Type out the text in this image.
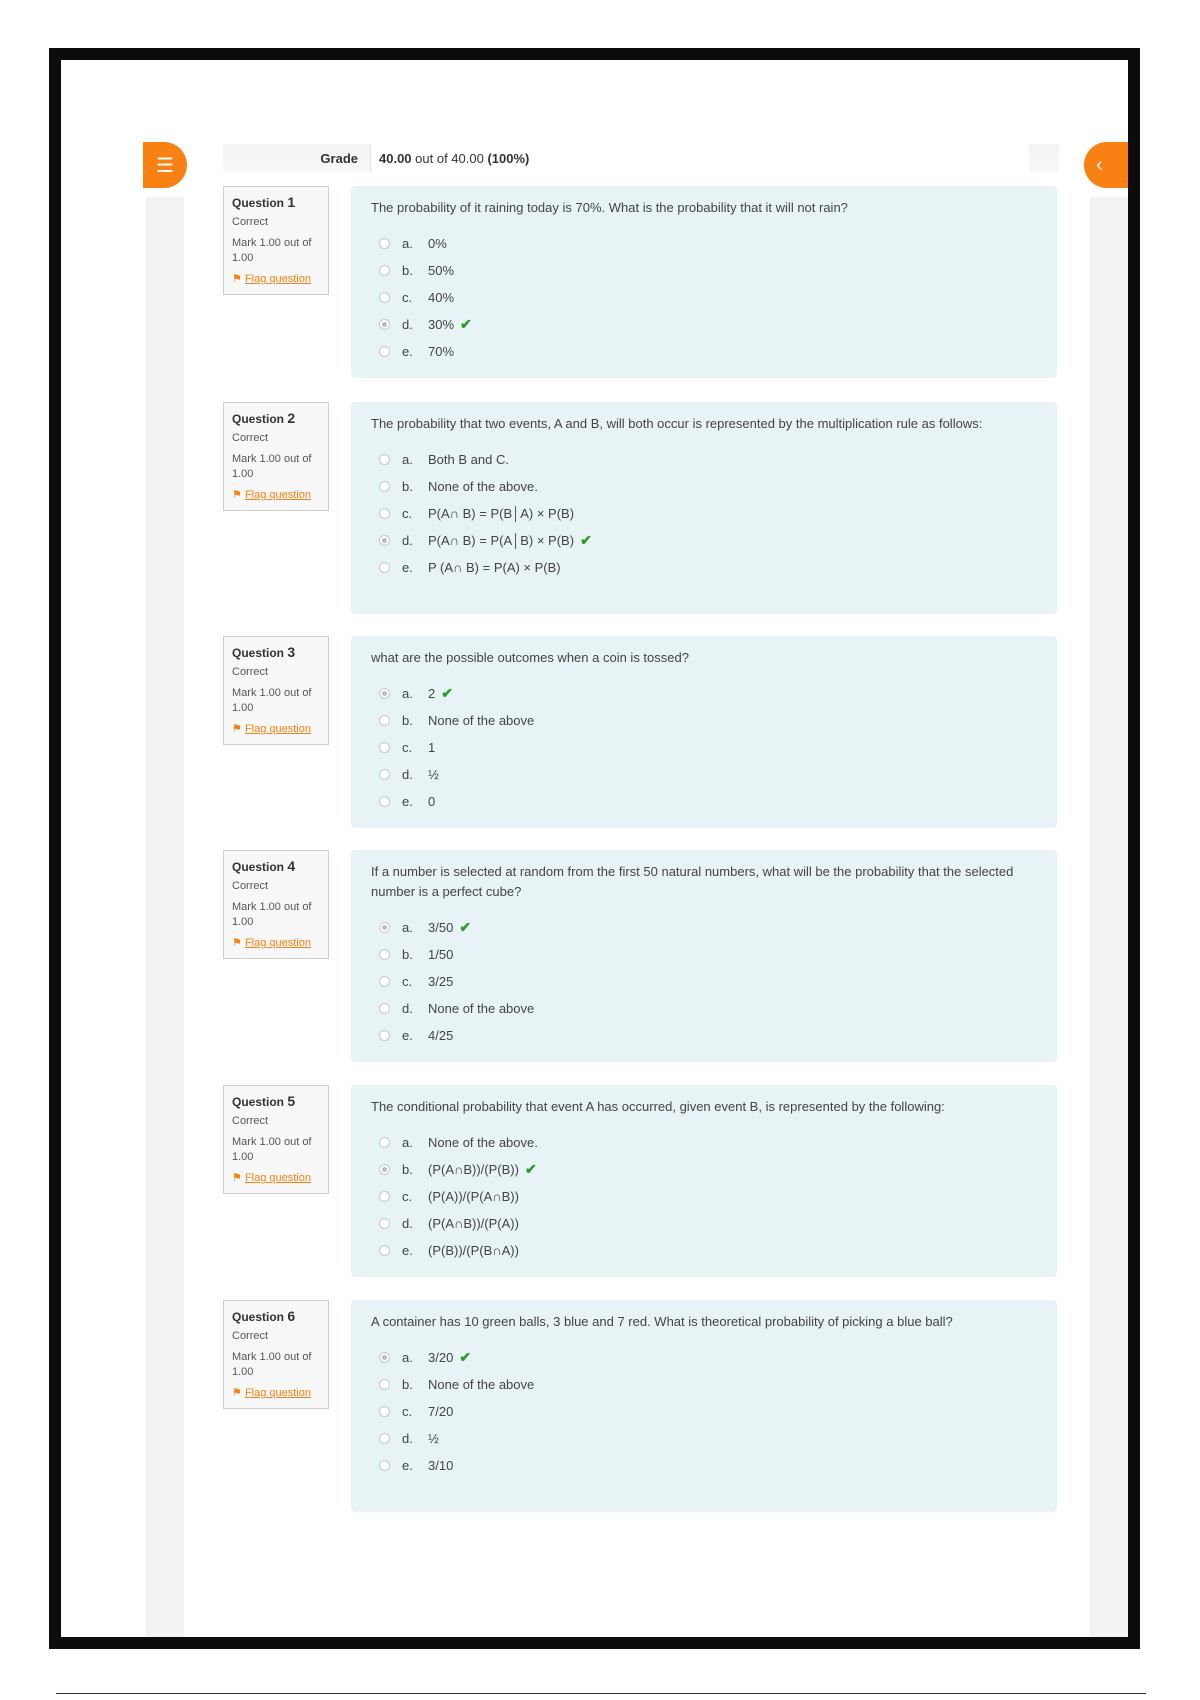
☰	‹
Grade	40.00
out of 40.00
(100%)
Question 1
Correct
Mark 1.00 out of 1.00
⚑ Flag question
The probability of it raining today is 70%. What is the probability that it will not rain?
a.	0%
b.	50%
c.	40%
d.	30% ✔
e.	70%
Question 2
Correct
Mark 1.00 out of 1.00
⚑ Flag question
The probability that two events, A and B, will both occur is represented by the multiplication rule as follows:
a.	Both B and C.
b.	None of the above.
c.	P(A∩ B) = P(B│A) × P(B)
d.	P(A∩ B) = P(A│B) × P(B) ✔
e.	P (A∩ B) = P(A) × P(B)
Question 3
Correct
Mark 1.00 out of 1.00
⚑ Flag question
what are the possible outcomes when a coin is tossed?
a.	2 ✔
b.	None of the above
c.	1
d.	½
e.	0
Question 4
Correct
Mark 1.00 out of 1.00
⚑ Flag question
If a number is selected at random from the first 50 natural numbers, what will be the probability that the selected number is a perfect cube?
a.	3/50 ✔
b.	1/50
c.	3/25
d.	None of the above
e.	4/25
Question 5
Correct
Mark 1.00 out of 1.00
⚑ Flag question
The conditional probability that event A has occurred, given event B, is represented by the following:
a.	None of the above.
b.	(P(A∩B))/(P(B)) ✔
c.	(P(A))/(P(A∩B))
d.	(P(A∩B))/(P(A))
e.	(P(B))/(P(B∩A))
Question 6
Correct
Mark 1.00 out of 1.00
⚑ Flag question
A container has 10 green balls, 3 blue and 7 red. What is theoretical probability of picking a blue ball?
a.	3/20 ✔
b.	None of the above
c.	7/20
d.	½
e.	3/10
